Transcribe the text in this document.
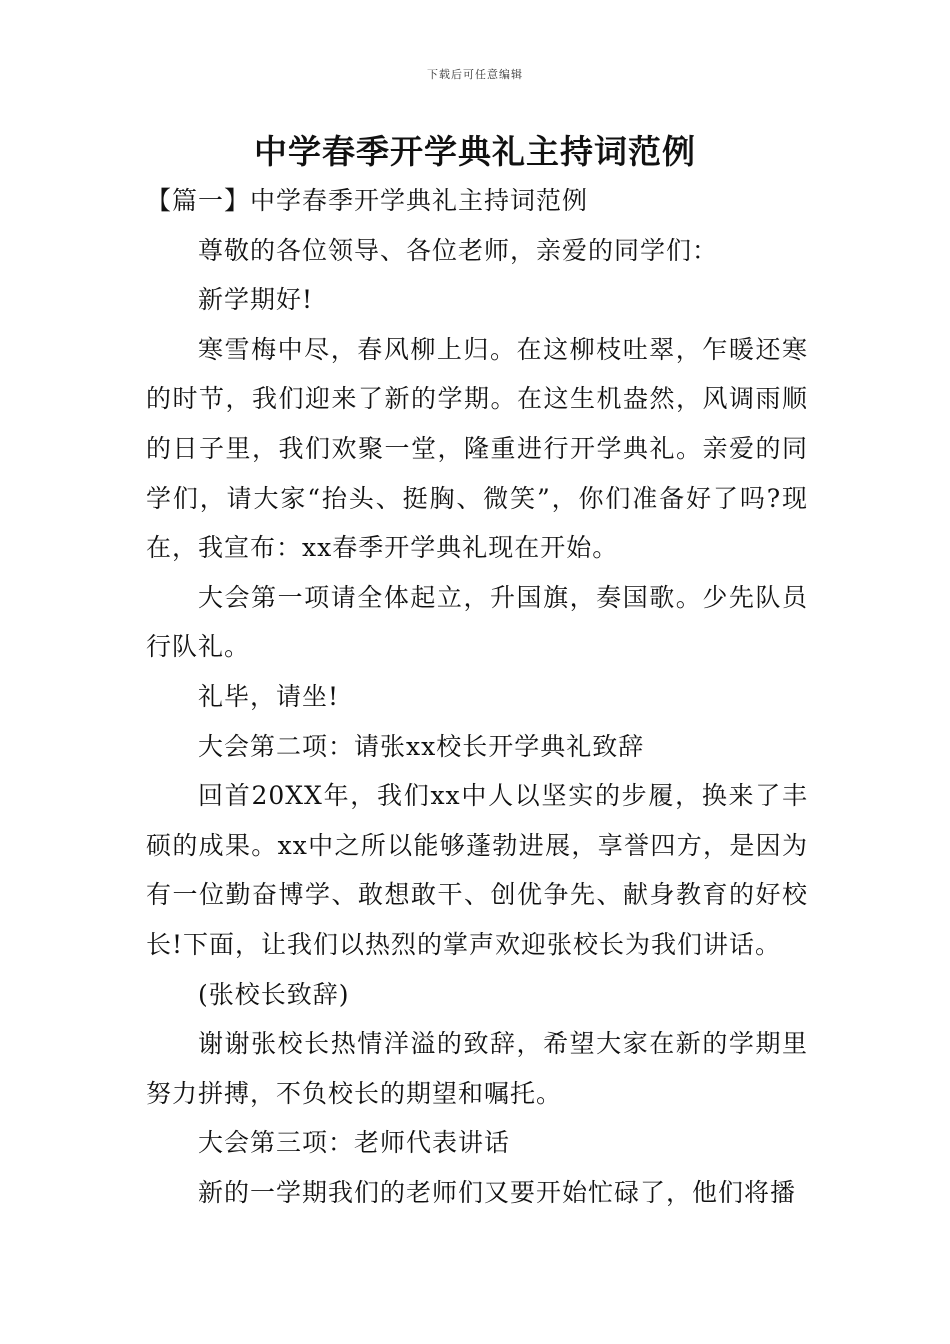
下载后可任意编辑
中学春季开学典礼主持词范例

【篇一】中学春季开学典礼主持词范例

尊敬的各位领导、各位老师，亲爱的同学们：

新学期好!

寒雪梅中尽，春风柳上归。在这柳枝吐翠，乍暖还寒的时节，我们迎来了新的学期。在这生机盎然，风调雨顺的日子里，我们欢聚一堂，隆重进行开学典礼。亲爱的同学们，请大家“抬头、挺胸、微笑”，你们准备好了吗?现在，我宣布：xx春季开学典礼现在开始。

大会第一项请全体起立，升国旗，奏国歌。少先队员行队礼。

礼毕，请坐!

大会第二项：请张xx校长开学典礼致辞

回首20XX年，我们xx中人以坚实的步履，换来了丰硕的成果。xx中之所以能够蓬勃进展，享誉四方，是因为有一位勤奋博学、敢想敢干、创优争先、献身教育的好校长!下面，让我们以热烈的掌声欢迎张校长为我们讲话。

(张校长致辞)

谢谢张校长热情洋溢的致辞，希望大家在新的学期里努力拼搏，不负校长的期望和嘱托。

大会第三项：老师代表讲话

新的一学期我们的老师们又要开始忙碌了，他们将播
